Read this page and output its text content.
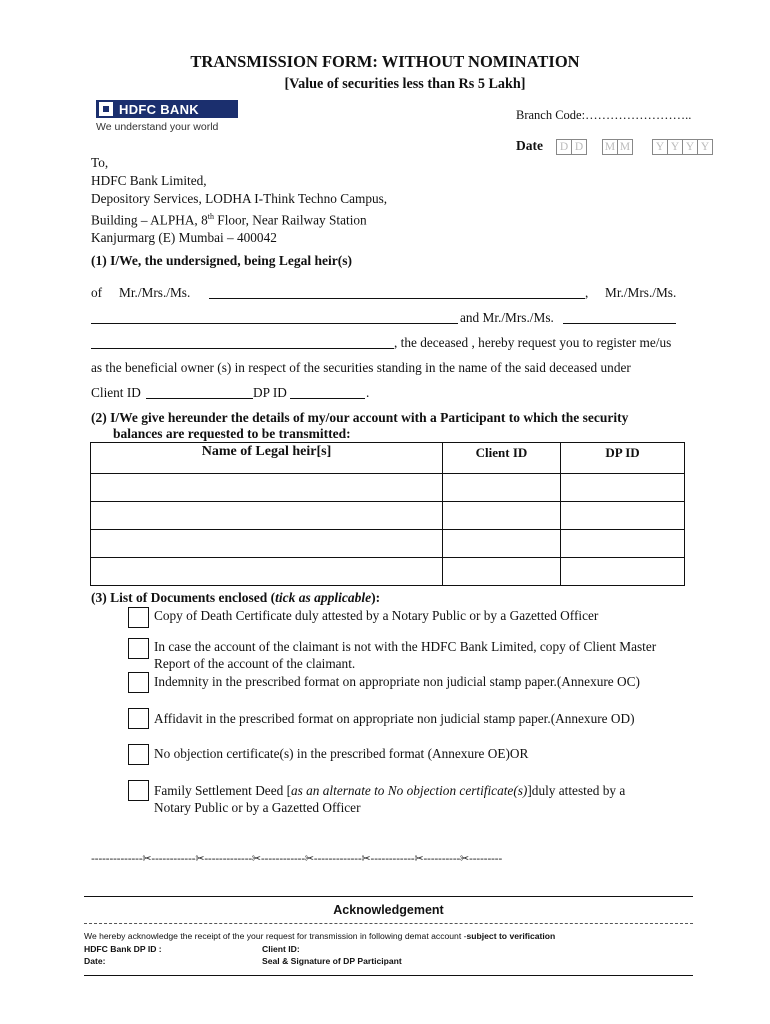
TRANSMISSION FORM: WITHOUT NOMINATION
[Value of securities less than Rs 5 Lakh]
HDFC BANK
We understand your world
Branch Code:……………………..
Date	D D M M	Y Y Y Y
To,
HDFC Bank Limited,
Depository Services, LODHA I-Think Techno Campus,
Building – ALPHA, 8th Floor, Near Railway Station
Kanjurmarg (E) Mumbai – 400042
(1) I/We, the undersigned, being Legal heir(s)
of Mr./Mrs./Ms.	, Mr./Mrs./Ms.
and Mr./Mrs./Ms.
, the deceased , hereby request you to register me/us
as the beneficial owner (s) in respect of the securities standing in the name of the said deceased under
Client ID	DP ID	.
(2) I/We give hereunder the details of my/our account with a Participant to which the security
balances are requested to be transmitted:
Name of Legal heir[s]	Client ID	DP ID

(3) List of Documents enclosed (tick as applicable):
Copy of Death Certificate duly attested by a Notary Public or by a Gazetted Officer
In case the account of the claimant is not with the HDFC Bank Limited, copy of Client Master
Report of the account of the claimant.
Indemnity in the prescribed format on appropriate non judicial stamp paper.(Annexure OC)
Affidavit in the prescribed format on appropriate non judicial stamp paper.(Annexure OD)
No objection certificate(s) in the prescribed format (Annexure OE)OR
Family Settlement Deed [as an alternate to No objection certificate(s)]duly attested by a
Notary Public or by a Gazetted Officer
--------------✂------------✂-------------✂------------✂-------------✂------------✂----------✂---------
Acknowledgement
We hereby acknowledge the receipt of the your request for transmission in following demat account -subject to verification
HDFC Bank DP ID :	Client ID:
Date:	Seal & Signature of DP Participant
